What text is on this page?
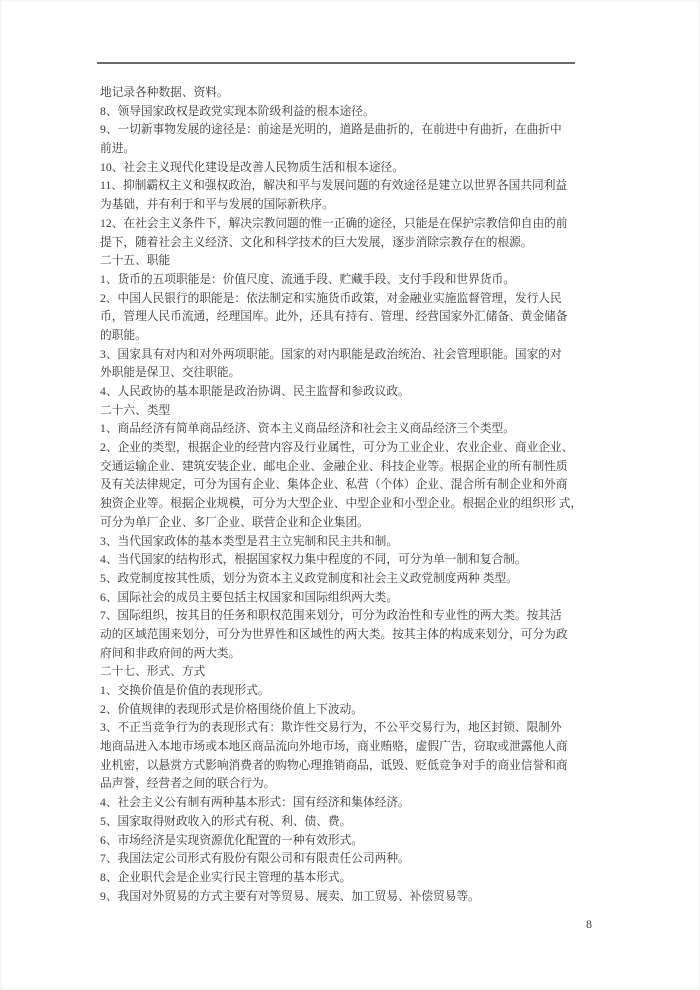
地记录各种数据、资料。
8、领导国家政权是政党实现本阶级利益的根本途径。
9、一切新事物发展的途径是：前途是光明的，道路是曲折的，在前进中有曲折，在曲折中
前进。
10、社会主义现代化建设是改善人民物质生活和根本途径。
11、抑制霸权主义和强权政治，解决和平与发展问题的有效途径是建立以世界各国共同利益
为基础，并有利于和平与发展的国际新秩序。
12、在社会主义条件下，解决宗教问题的惟一正确的途径，只能是在保护宗教信仰自由的前
提下，随着社会主义经济、文化和科学技术的巨大发展，逐步消除宗教存在的根源。
二十五、职能
1、货币的五项职能是：价值尺度、流通手段、贮藏手段、支付手段和世界货币。
2、中国人民银行的职能是：依法制定和实施货币政策，对金融业实施监督管理，发行人民
币，管理人民币流通，经理国库。此外，还具有持有、管理、经营国家外汇储备、黄金储备
的职能。
3、国家具有对内和对外两项职能。国家的对内职能是政治统治、社会管理职能。国家的对
外职能是保卫、交往职能。
4、人民政协的基本职能是政治协调、民主监督和参政议政。
二十六、类型
1、商品经济有简单商品经济、资本主义商品经济和社会主义商品经济三个类型。
2、企业的类型，根据企业的经营内容及行业属性，可分为工业企业、农业企业、商业企业、
交通运输企业、建筑安装企业、邮电企业、金融企业、科技企业等。根据企业的所有制性质
及有关法律规定，可分为国有企业、集体企业、私营（个体）企业、混合所有制企业和外商
独资企业等。根据企业规模，可分为大型企业、中型企业和小型企业。根据企业的组织形 式，
可分为单厂企业、多厂企业、联营企业和企业集团。
3、当代国家政体的基本类型是君主立宪制和民主共和制。
4、当代国家的结构形式，根据国家权力集中程度的不同，可分为单一制和复合制。
5、政党制度按其性质，划分为资本主义政党制度和社会主义政党制度两种 类型。
6、国际社会的成员主要包括主权国家和国际组织两大类。
7、国际组织，按其目的任务和职权范围来划分，可分为政治性和专业性的两大类。按其活
动的区域范围来划分，可分为世界性和区域性的两大类。按其主体的构成来划分，可分为政
府间和非政府间的两大类。
二十七、形式、方式
1、交换价值是价值的表现形式。
2、价值规律的表现形式是价格围绕价值上下波动。
3、不正当竞争行为的表现形式有：欺诈性交易行为，不公平交易行为，地区封锁、限制外
地商品进入本地市场或本地区商品流向外地市场，商业贿赂，虚假广告，窃取或泄露他人商
业机密，以悬赏方式影响消费者的购物心理推销商品，诋毁、贬低竞争对手的商业信誉和商
品声誉，经营者之间的联合行为。
4、社会主义公有制有两种基本形式：国有经济和集体经济。
5、国家取得财政收入的形式有税、利、债、费。
6、市场经济是实现资源优化配置的一种有效形式。
7、我国法定公司形式有股份有限公司和有限责任公司两种。
8、企业职代会是企业实行民主管理的基本形式。
9、我国对外贸易的方式主要有对等贸易、展卖、加工贸易、补偿贸易等。
8
